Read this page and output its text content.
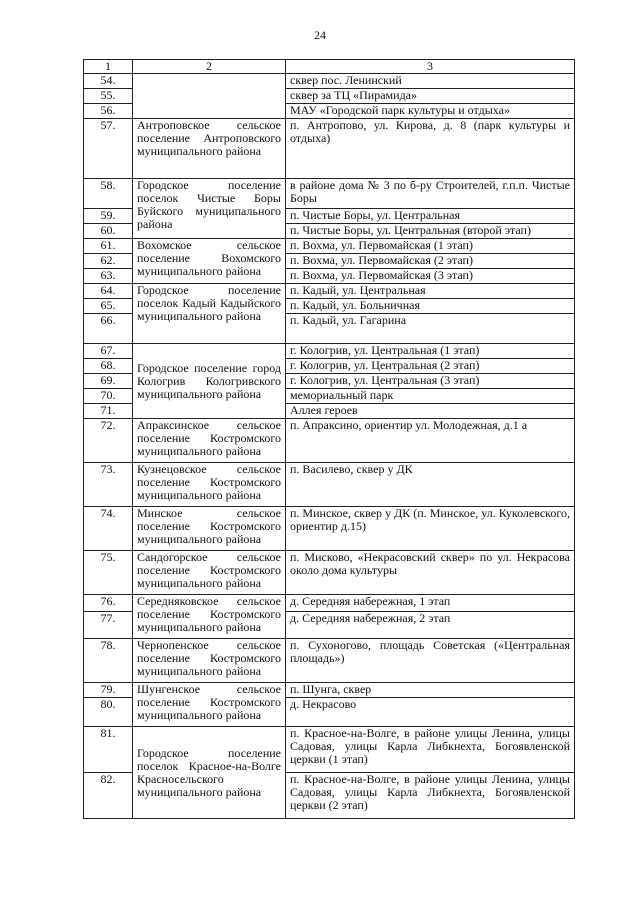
24
1	2	3
54.		сквер пос. Ленинский
55.		сквер за ТЦ «Пирамида»
56.		МАУ «Городской парк культуры и отдыха»
57.	Антроповское сельское поселение Антроповского муниципального района	п. Антропово, ул. Кирова, д. 8 (парк культуры и отдыха)
58.	Городское поселение поселок Чистые Боры Буйского муниципального района	в районе дома № 3 по б-ру Строителей, г.п.п. Чистые Боры
59.		п. Чистые Боры, ул. Центральная
60.		п. Чистые Боры, ул. Центральная (второй этап)
61.	Вохомское сельское поселение Вохомского муниципального района	п. Вохма, ул. Первомайская (1 этап)
62.		п. Вохма, ул. Первомайская (2 этап)
63.		п. Вохма, ул. Первомайская (3 этап)
64.	Городское поселение поселок Кадый Кадыйского муниципального района	п. Кадый, ул. Центральная
65.		п. Кадый, ул. Больничная
66.		п. Кадый, ул. Гагарина
67.	Городское поселение город Кологрив Кологривского муниципального района	г. Кологрив, ул. Центральная (1 этап)
68.		г. Кологрив, ул. Центральная (2 этап)
69.		г. Кологрив, ул. Центральная (3 этап)
70.		мемориальный парк
71.		Аллея героев
72.	Апраксинское сельское поселение Костромского муниципального района	п. Апраксино, ориентир ул. Молодежная, д.1 а
73.	Кузнецовское сельское поселение Костромского муниципального района	п. Василево, сквер у ДК
74.	Минское сельское поселение Костромского муниципального района	п. Минское, сквер у ДК (п. Минское, ул. Куколевского, ориентир д.15)
75.	Сандогорское сельское поселение Костромского муниципального района	п. Мисково, «Некрасовский сквер» по ул. Некрасова около дома культуры
76.	Середняковское сельское поселение Костромского муниципального района	д. Середняя набережная, 1 этап
77.		д. Середняя набережная, 2 этап
78.	Чернопенское сельское поселение Костромского муниципального района	п. Сухоногово, площадь Советская («Центральная площадь»)
79.	Шунгенское сельское поселение Костромского муниципального района	п. Шунга, сквер
80.		д. Некрасово
81.	Городское поселение поселок Красное-на-Волге Красносельского муниципального района	п. Красное-на-Волге, в районе улицы Ленина, улицы Садовая, улицы Карла Либкнехта, Богоявленской церкви (1 этап)
82.		п. Красное-на-Волге, в районе улицы Ленина, улицы Садовая, улицы Карла Либкнехта, Богоявленской церкви (2 этап)
